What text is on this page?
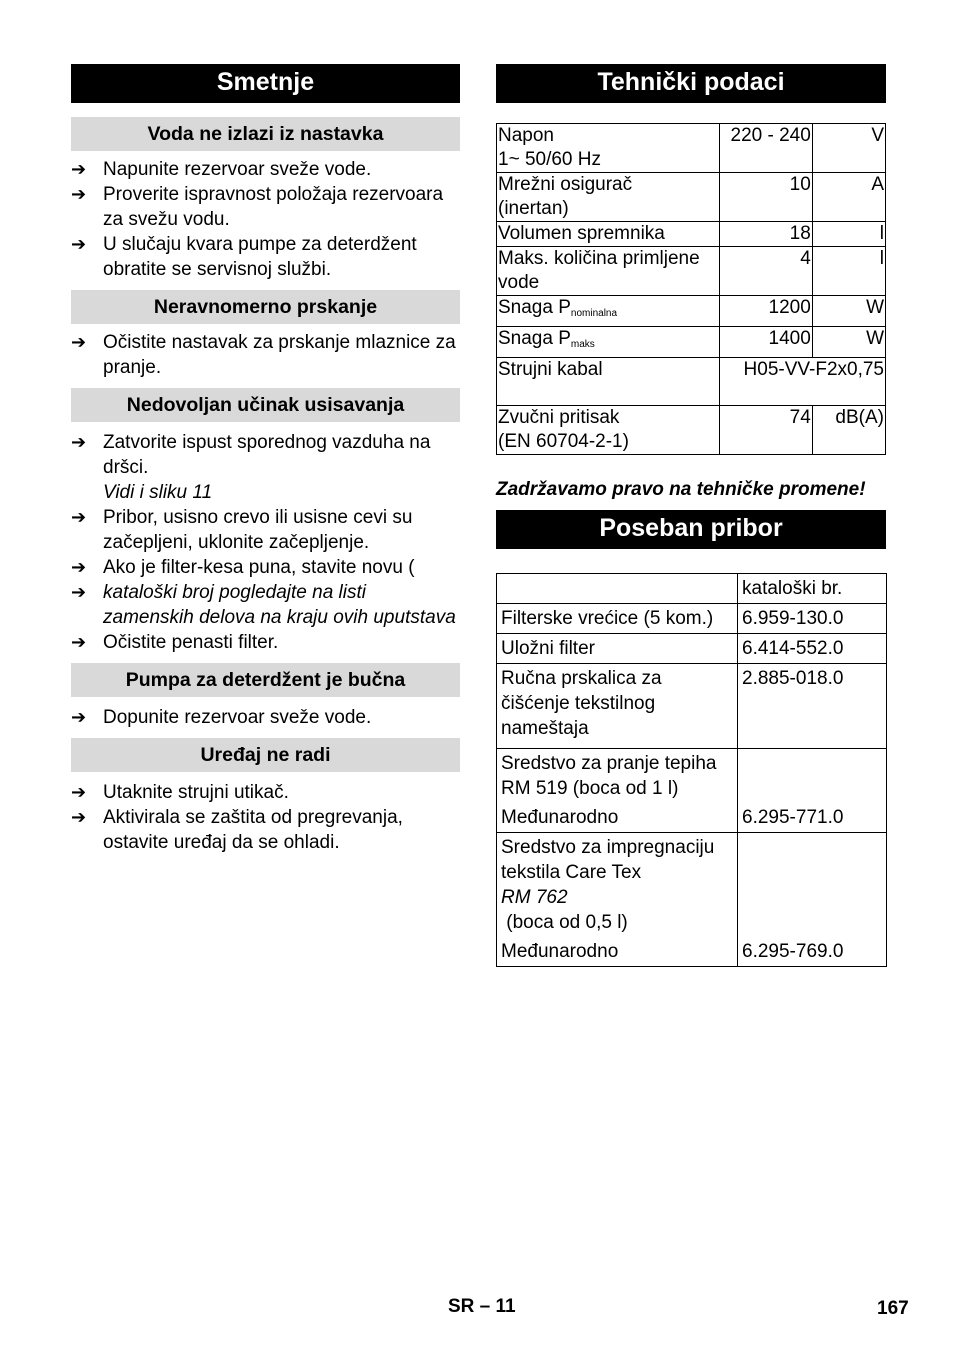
Smetnje
Voda ne izlazi iz nastavka
➔ Napunite rezervoar sveže vode.
➔ Proverite ispravnost položaja rezervoara za svežu vodu.
➔ U slučaju kvara pumpe za deterdžent obratite se servisnoj službi.
Neravnomerno prskanje
➔ Očistite nastavak za prskanje mlaznice za pranje.
Nedovoljan učinak usisavanja
➔ Zatvorite ispust sporednog vazduha na dršci.
Vidi i sliku 11
➔ Pribor, usisno crevo ili usisne cevi su začepljeni, uklonite začepljenje.
➔ Ako je filter-kesa puna, stavite novu (
➔ kataloški broj pogledajte na listi zamenskih delova na kraju ovih uputstava
➔ Očistite penasti filter.
Pumpa za deterdžent je bučna
➔ Dopunite rezervoar sveže vode.
Uređaj ne radi
➔ Utaknite strujni utikač.
➔ Aktivirala se zaštita od pregrevanja, ostavite uređaj da se ohladi.
Tehnički podaci
Napon
1~ 50/60 Hz	220 - 240	V
Mrežni osigurač
(inertan)	10	A
Volumen spremnika	18	l
Maks. količina primljene
vode	4	l
Snaga $P_{nominalna}$	1200	W
Snaga $P_{maks}$	1400	W
Strujni kabal	H05-VV-F2x0,75	
Zvučni pritisak
(EN 60704-2-1)	74	dB(A)
Zadržavamo pravo na tehničke promene!
Poseban pribor
	kataloški br.
Filterske vrećice (5 kom.)	6.959-130.0
Uložni filter	6.414-552.0
Ručna prskalica za čišćenje tekstilnog nameštaja	2.885-018.0
Sredstvo za pranje tepiha RM 519 (boca od 1 l)
Međunarodno	6.295-771.0
Sredstvo za impregnaciju tekstila Care Tex
RM 762
(boca od 0,5 l)
Međunarodno	6.295-769.0
SR – 11	167
